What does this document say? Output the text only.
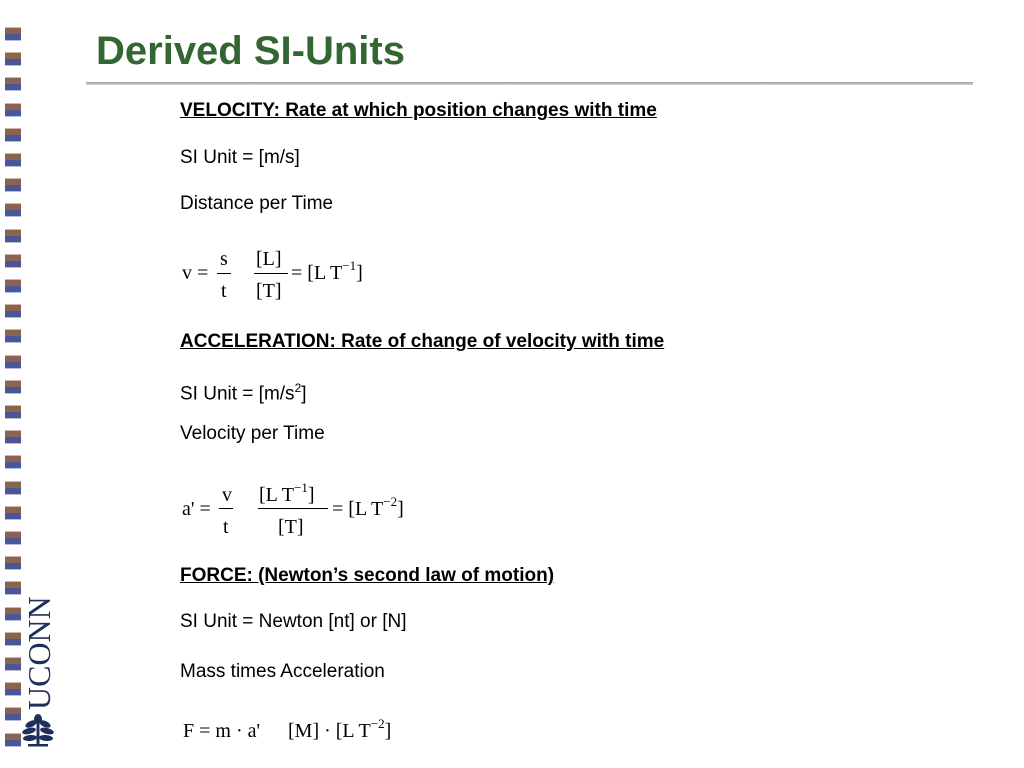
Derived SI-Units

VELOCITY: Rate at which position changes with time

SI Unit = [m/s]

Distance per Time

v =
s
t
[L]
[T]
= [L $T^{-1}$]

ACCELERATION: Rate of change of velocity with time

SI Unit = $[m/s^2]$

Velocity per Time

a' =
v
t
[L $T^{-1}$]
[T]
= [L $T^{-2}$]

FORCE: (Newton’s second law of motion)

SI Unit = Newton [nt] or [N]

Mass times Acceleration

F = m · a' [M] · [L $T^{-2}$]
UCONN
